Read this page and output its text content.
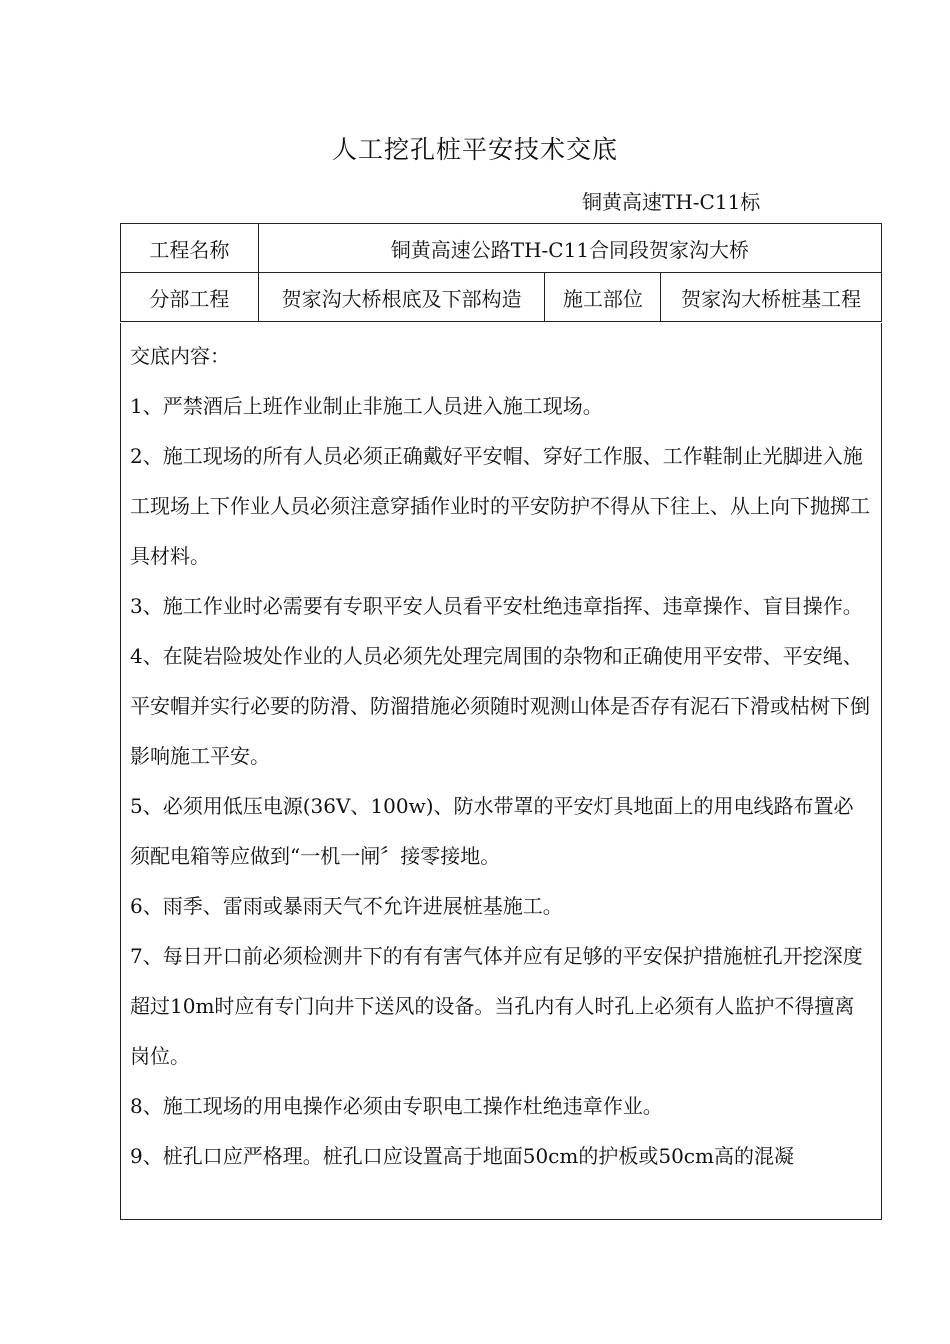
人工挖孔桩平安技术交底
铜黄高速TH-C11标
工程名称	铜黄高速公路TH-C11合同段贺家沟大桥		
分部工程	贺家沟大桥根底及下部构造	施工部位	贺家沟大桥桩基工程

交底内容：

1、严禁酒后上班作业制止非施工人员进入施工现场。

2、施工现场的所有人员必须正确戴好平安帽、穿好工作服、工作鞋制止光脚进入施工现场上下作业人员必须注意穿插作业时的平安防护不得从下往上、从上向下抛掷工具材料。

3、施工作业时必需要有专职平安人员看平安杜绝违章指挥、违章操作、盲目操作。

4、在陡岩险坡处作业的人员必须先处理完周围的杂物和正确使用平安带、平安绳、平安帽并实行必要的防滑、防溜措施必须随时观测山体是否存有泥石下滑或枯树下倒影响施工平安。

5、必须用低压电源(36V、100w)、防水带罩的平安灯具地面上的用电线路布置必须配电箱等应做到“一机一闸〞接零接地。

6、雨季、雷雨或暴雨天气不允许进展桩基施工。

7、每日开口前必须检测井下的有有害气体并应有足够的平安保护措施桩孔开挖深度超过10m时应有专门向井下送风的设备。当孔内有人时孔上必须有人监护不得擅离岗位。

8、施工现场的用电操作必须由专职电工操作杜绝违章作业。

9、桩孔口应严格理。桩孔口应设置高于地面50cm的护板或50cm高的混凝
